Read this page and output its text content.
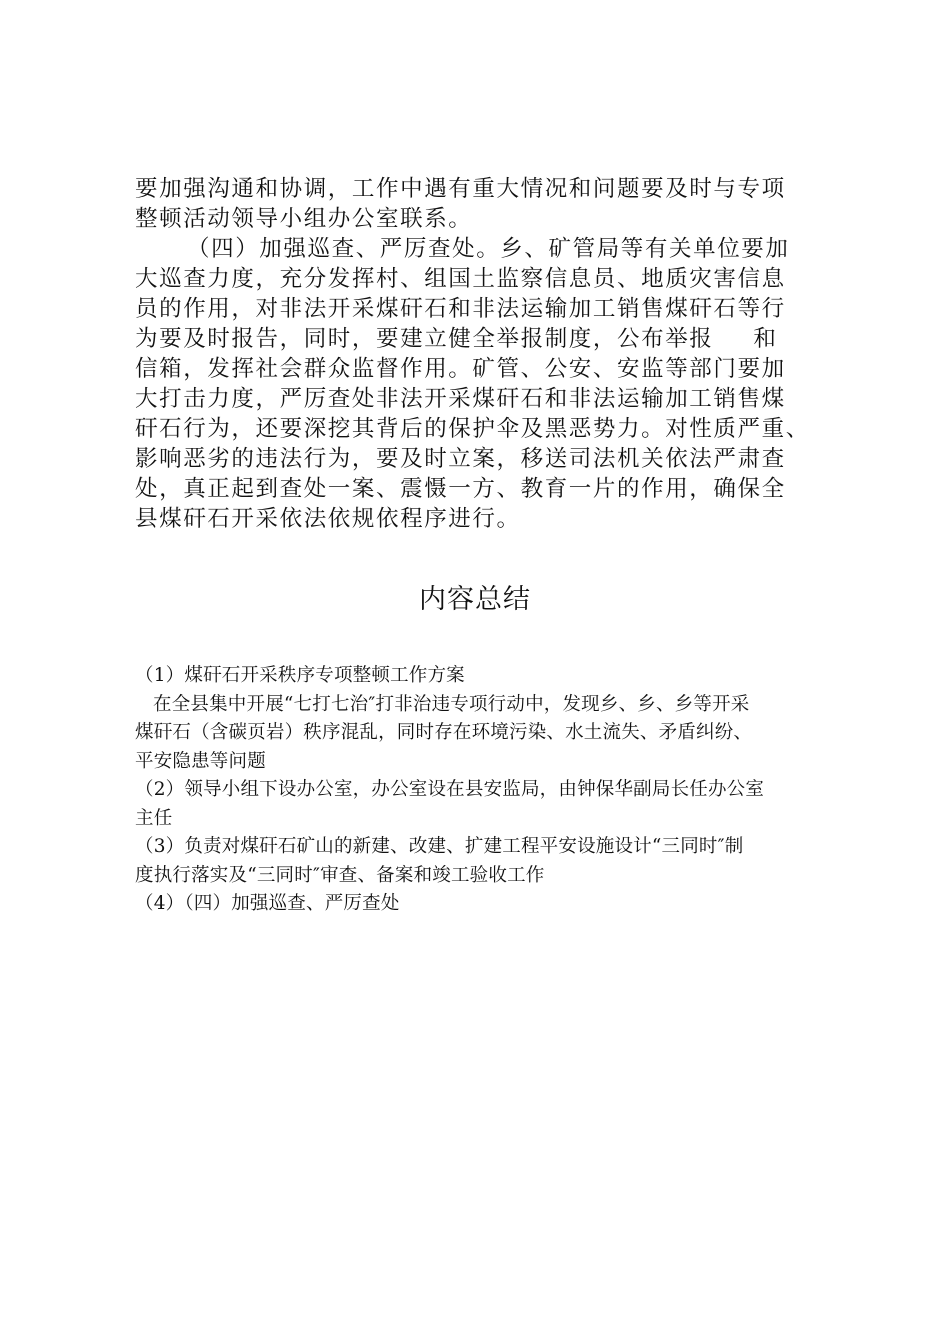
要加强沟通和协调，工作中遇有重大情况和问题要及时与专项
整顿活动领导小组办公室联系。
（四）加强巡查、严厉查处。乡、矿管局等有关单位要加
大巡查力度，充分发挥村、组国土监察信息员、地质灾害信息
员的作用，对非法开采煤矸石和非法运输加工销售煤矸石等行
为要及时报告，同时，要建立健全举报制度，公布举报 和
信箱，发挥社会群众监督作用。矿管、公安、安监等部门要加
大打击力度，严厉查处非法开采煤矸石和非法运输加工销售煤
矸石行为，还要深挖其背后的保护伞及黑恶势力。对性质严重、
影响恶劣的违法行为，要及时立案，移送司法机关依法严肃查
处，真正起到查处一案、震慑一方、教育一片的作用，确保全
县煤矸石开采依法依规依程序进行。
内容总结
（1）煤矸石开采秩序专项整顿工作方案
在全县集中开展“七打七治″打非治违专项行动中，发现乡、乡、乡等开采
煤矸石（含碳页岩）秩序混乱，同时存在环境污染、水土流失、矛盾纠纷、
平安隐患等问题
（2）领导小组下设办公室，办公室设在县安监局，由钟保华副局长任办公室
主任
（3）负责对煤矸石矿山的新建、改建、扩建工程平安设施设计“三同时″制
度执行落实及“三同时″审查、备案和竣工验收工作
（4）（四）加强巡查、严厉查处
